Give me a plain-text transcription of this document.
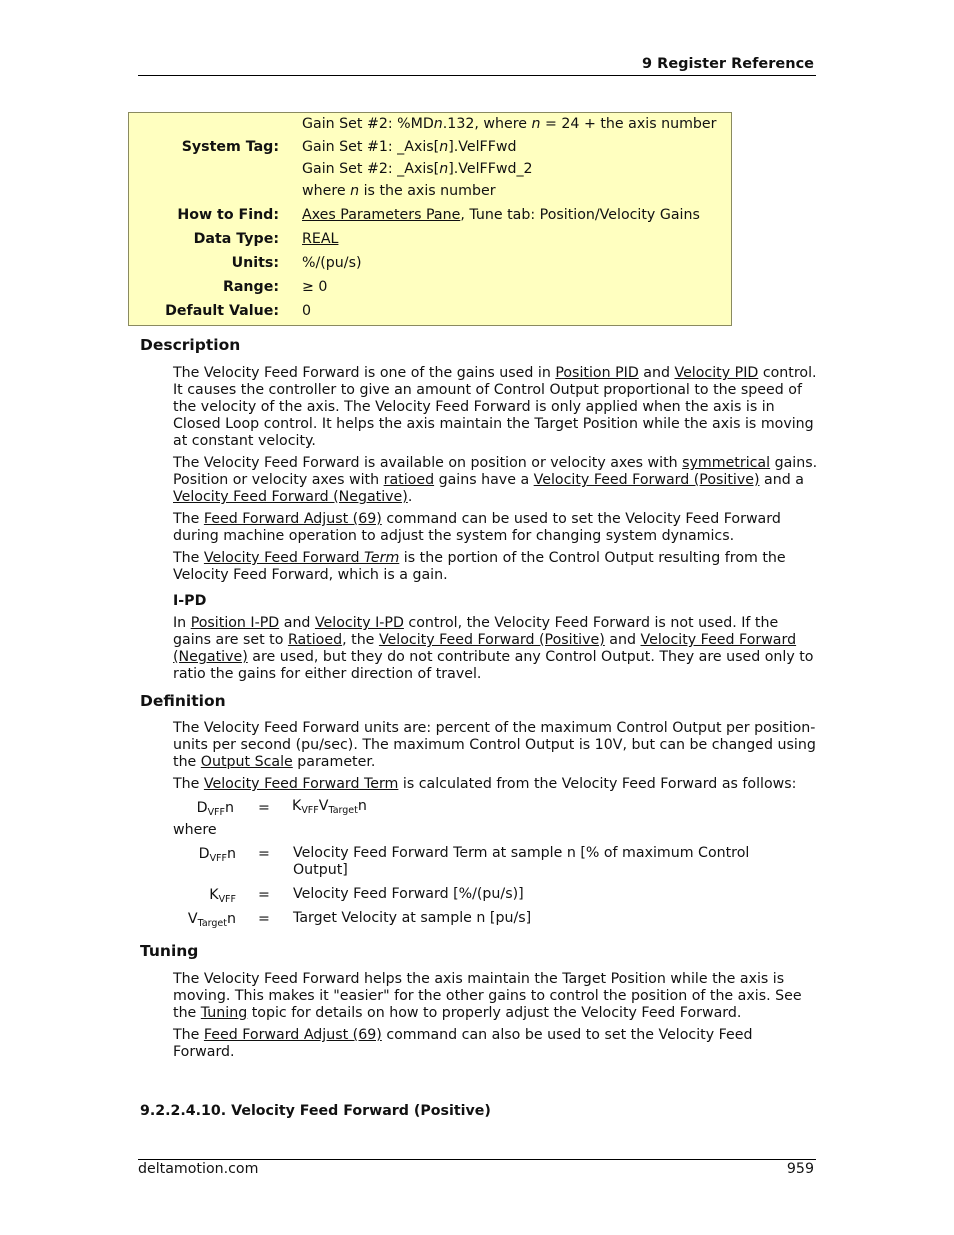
9 Register Reference
Gain Set #2: %MDn.132, where n = 24 + the axis number
System Tag: Gain Set #1: _Axis[n].VelFFwd
Gain Set #2: _Axis[n].VelFFwd_2
where n is the axis number
How to Find: Axes Parameters Pane, Tune tab: Position/Velocity Gains
Data Type: REAL
Units: %/(pu/s)
Range: ≥ 0
Default Value: 0
Description

The Velocity Feed Forward is one of the gains used in Position PID and Velocity PID control. It causes the controller to give an amount of Control Output proportional to the speed of the velocity of the axis. The Velocity Feed Forward is only applied when the axis is in Closed Loop control. It helps the axis maintain the Target Position while the axis is moving at constant velocity.

The Velocity Feed Forward is available on position or velocity axes with symmetrical gains. Position or velocity axes with ratioed gains have a Velocity Feed Forward (Positive) and a Velocity Feed Forward (Negative).

The Feed Forward Adjust (69) command can be used to set the Velocity Feed Forward during machine operation to adjust the system for changing system dynamics.

The Velocity Feed Forward Term is the portion of the Control Output resulting from the Velocity Feed Forward, which is a gain.

I-PD

In Position I-PD and Velocity I-PD control, the Velocity Feed Forward is not used. If the gains are set to Ratioed, the Velocity Feed Forward (Positive) and Velocity Feed Forward (Negative) are used, but they do not contribute any Control Output. They are used only to ratio the gains for either direction of travel.

Definition

The Velocity Feed Forward units are: percent of the maximum Control Output per position-units per second (pu/sec). The maximum Control Output is 10V, but can be changed using the Output Scale parameter.

The Velocity Feed Forward Term is calculated from the Velocity Feed Forward as follows:

$D_{VFF}n = K_{VFF}V_{Target}n$
where
$D_{VFF}n$ = Velocity Feed Forward Term at sample n [% of maximum Control Output]
$K_{VFF}$ = Velocity Feed Forward [%/(pu/s)]
$V_{Target}n$ = Target Velocity at sample n [pu/s]
Tuning

The Velocity Feed Forward helps the axis maintain the Target Position while the axis is moving. This makes it "easier" for the other gains to control the position of the axis. See the Tuning topic for details on how to properly adjust the Velocity Feed Forward.

The Feed Forward Adjust (69) command can also be used to set the Velocity Feed Forward.

9.2.2.4.10. Velocity Feed Forward (Positive)
deltamotion.com	959
